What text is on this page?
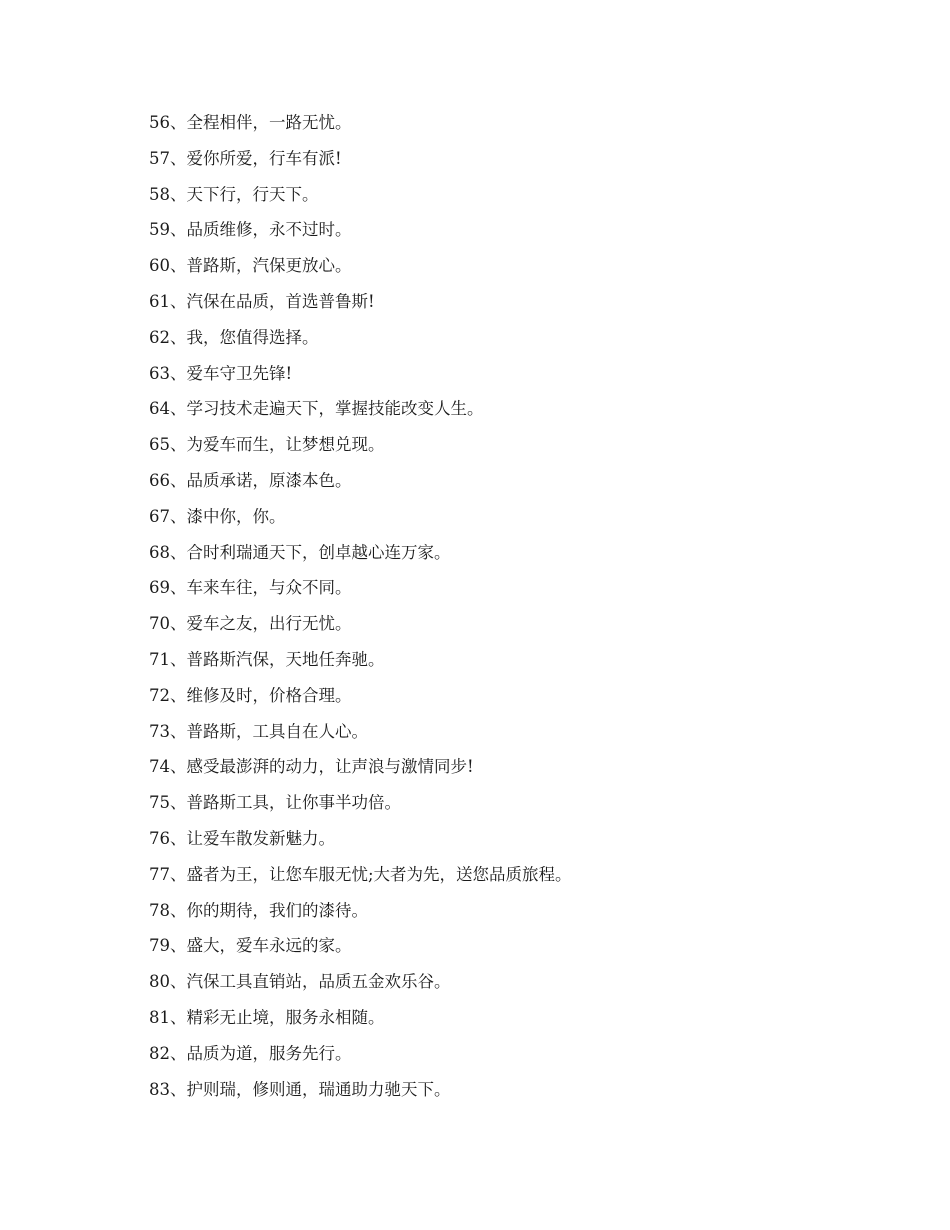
56、全程相伴，一路无忧。
57、爱你所爱，行车有派!
58、天下行，行天下。
59、品质维修，永不过时。
60、普路斯，汽保更放心。
61、汽保在品质，首选普鲁斯!
62、我，您值得选择。
63、爱车守卫先锋!
64、学习技术走遍天下，掌握技能改变人生。
65、为爱车而生，让梦想兑现。
66、品质承诺，原漆本色。
67、漆中你，你。
68、合时利瑞通天下，创卓越心连万家。
69、车来车往，与众不同。
70、爱车之友，出行无忧。
71、普路斯汽保，天地任奔驰。
72、维修及时，价格合理。
73、普路斯，工具自在人心。
74、感受最澎湃的动力，让声浪与激情同步!
75、普路斯工具，让你事半功倍。
76、让爱车散发新魅力。
77、盛者为王，让您车服无忧;大者为先，送您品质旅程。
78、你的期待，我们的漆待。
79、盛大，爱车永远的家。
80、汽保工具直销站，品质五金欢乐谷。
81、精彩无止境，服务永相随。
82、品质为道，服务先行。
83、护则瑞，修则通，瑞通助力驰天下。
